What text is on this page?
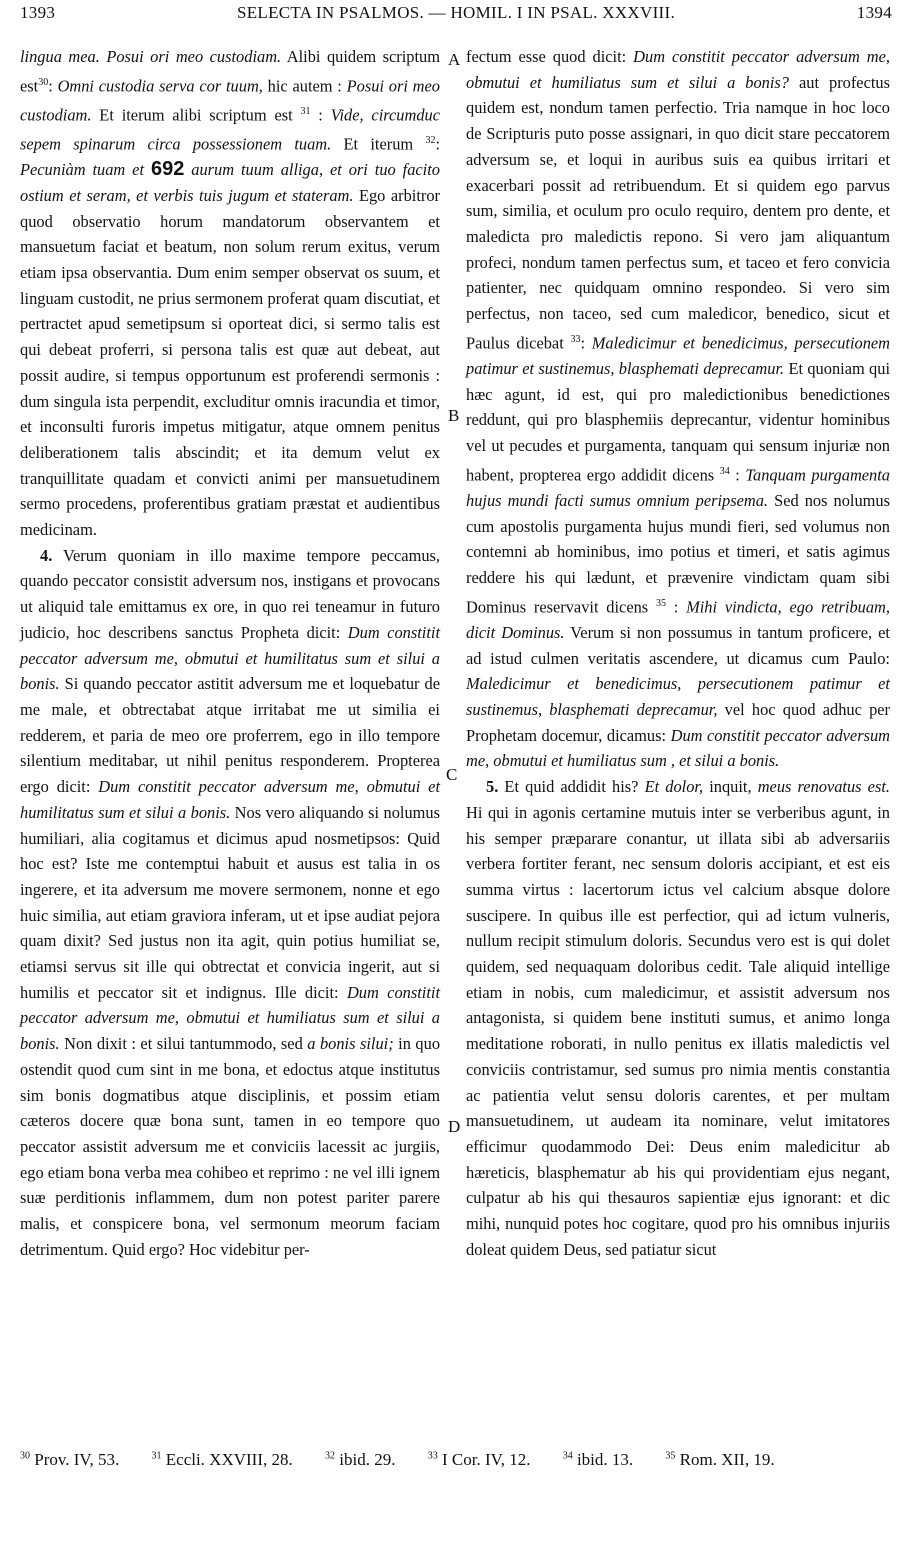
1393	SELECTA IN PSALMOS. — HOMIL. I IN PSAL. XXXVIII.	1394
A
B
C
D

lingua mea. Posui ori meo custodiam. Alibi quidem scriptum est$^{30}$: Omni custodia serva cor tuum, hic autem : Posui ori meo custodiam. Et iterum alibi scriptum est $^{31}$ : Vide, circumduc sepem spinarum circa possessionem tuam. Et iterum $^{32}$: Pecuniàm tuam et 692 aurum tuum alliga, et ori tuo facito ostium et seram, et verbis tuis jugum et stateram. Ego arbitror quod observatio horum mandatorum observantem et mansuetum faciat et beatum, non solum rerum exitus, verum etiam ipsa observantia. Dum enim semper observat os suum, et linguam custodit, ne prius sermonem proferat quam discutiat, et pertractet apud semetipsum si oporteat dici, si sermo talis est qui debeat proferri, si persona talis est quæ aut debeat, aut possit audire, si tempus opportunum est proferendi sermonis : dum singula ista perpendit, excluditur omnis iracundia et timor, et inconsulti furoris impetus mitigatur, atque omnem penitus deliberationem talis abscindit; et ita demum velut ex tranquillitate quadam et convicti animi per mansuetudinem sermo procedens, proferentibus gratiam præstat et audientibus medicinam.

4. Verum quoniam in illo maxime tempore peccamus, quando peccator consistit adversum nos, instigans et provocans ut aliquid tale emittamus ex ore, in quo rei teneamur in futuro judicio, hoc describens sanctus Propheta dicit: Dum constitit peccator adversum me, obmutui et humilitatus sum et silui a bonis. Si quando peccator astitit adversum me et loquebatur de me male, et obtrectabat atque irritabat me ut similia ei redderem, et paria de meo ore proferrem, ego in illo tempore silentium meditabar, ut nihil penitus responderem. Propterea ergo dicit: Dum constitit peccator adversum me, obmutui et humilitatus sum et silui a bonis. Nos vero aliquando si nolumus humiliari, alia cogitamus et dicimus apud nosmetipsos: Quid hoc est? Iste me contemptui habuit et ausus est talia in os ingerere, et ita adversum me movere sermonem, nonne et ego huic similia, aut etiam graviora inferam, ut et ipse audiat pejora quam dixit? Sed justus non ita agit, quin potius humiliat se, etiamsi servus sit ille qui obtrectat et convicia ingerit, aut si humilis et peccator sit et indignus. Ille dicit: Dum constitit peccator adversum me, obmutui et humiliatus sum et silui a bonis. Non dixit : et silui tantummodo, sed a bonis silui; in quo ostendit quod cum sint in me bona, et edoctus atque institutus sim bonis dogmatibus atque disciplinis, et possim etiam cæteros docere quæ bona sunt, tamen in eo tempore quo peccator assistit adversum me et conviciis lacessit ac jurgiis, ego etiam bona verba mea cohibeo et reprimo : ne vel illi ignem suæ perditionis inflammem, dum non potest pariter parere malis, et conspicere bona, vel sermonum meorum faciam detrimentum. Quid ergo? Hoc videbitur per-

fectum esse quod dicit: Dum constitit peccator adversum me, obmutui et humiliatus sum et silui a bonis? aut profectus quidem est, nondum tamen perfectio. Tria namque in hoc loco de Scripturis puto posse assignari, in quo dicit stare peccatorem adversum se, et loqui in auribus suis ea quibus irritari et exacerbari possit ad retribuendum. Et si quidem ego parvus sum, similia, et oculum pro oculo requiro, dentem pro dente, et maledicta pro maledictis repono. Si vero jam aliquantum profeci, nondum tamen perfectus sum, et taceo et fero convicia patienter, nec quidquam omnino respondeo. Si vero sim perfectus, non taceo, sed cum maledicor, benedico, sicut et Paulus dicebat $^{33}$: Maledicimur et benedicimus, persecutionem patimur et sustinemus, blasphemati deprecamur. Et quoniam qui hæc agunt, id est, qui pro maledictionibus benedictiones reddunt, qui pro blasphemiis deprecantur, videntur hominibus vel ut pecudes et purgamenta, tanquam qui sensum injuriæ non habent, propterea ergo addidit dicens $^{34}$ : Tanquam purgamenta hujus mundi facti sumus omnium peripsema. Sed nos nolumus cum apostolis purgamenta hujus mundi fieri, sed volumus non contemni ab hominibus, imo potius et timeri, et satis agimus reddere his qui lædunt, et prævenire vindictam quam sibi Dominus reservavit dicens $^{35}$ : Mihi vindicta, ego retribuam, dicit Dominus. Verum si non possumus in tantum proficere, et ad istud culmen veritatis ascendere, ut dicamus cum Paulo: Maledicimur et benedicimus, persecutionem patimur et sustinemus, blasphemati deprecamur, vel hoc quod adhuc per Prophetam docemur, dicamus: Dum constitit peccator adversum me, obmutui et humiliatus sum , et silui a bonis.

5. Et quid addidit his? Et dolor, inquit, meus renovatus est. Hi qui in agonis certamine mutuis inter se verberibus agunt, in his semper præparare conantur, ut illata sibi ab adversariis verbera fortiter ferant, nec sensum doloris accipiant, et est eis summa virtus : lacertorum ictus vel calcium absque dolore suscipere. In quibus ille est perfectior, qui ad ictum vulneris, nullum recipit stimulum doloris. Secundus vero est is qui dolet quidem, sed nequaquam doloribus cedit. Tale aliquid intellige etiam in nobis, cum maledicimur, et assistit adversum nos antagonista, si quidem bene instituti sumus, et animo longa meditatione roborati, in nullo penitus ex illatis maledictis vel conviciis contristamur, sed sumus pro nimia mentis constantia ac patientia velut sensu doloris carentes, et per multam mansuetudinem, ut audeam ita nominare, velut imitatores efficimur quodammodo Dei: Deus enim maledicitur ab hæreticis, blasphematur ab his qui providentiam ejus negant, culpatur ab his qui thesauros sapientiæ ejus ignorant: et dic mihi, nunquid potes hoc cogitare, quod pro his omnibus injuriis doleat quidem Deus, sed patiatur sicut

$^{30}$ Prov. IV, 53.	$^{31}$ Eccli. XXVIII, 28.	$^{32}$ ibid. 29.	$^{33}$ I Cor. IV, 12.	$^{34}$ ibid. 13.	$^{35}$ Rom. XII, 19.
